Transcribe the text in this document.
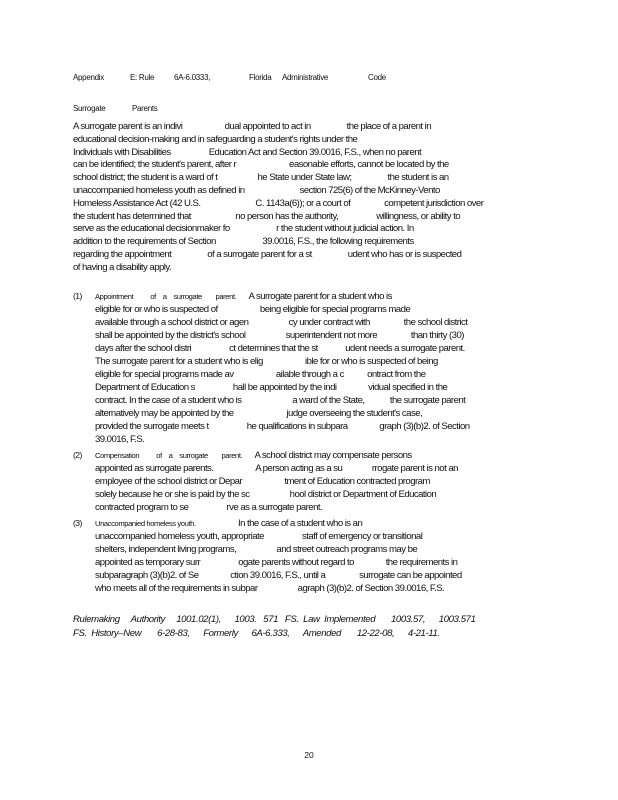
Appendix	E: Rule 6A-6.0333,	Florida Administrative	Code
Surrogate	Parents
A surrogate parent is an indivi                    dual appointed to act in                 the place of a parent in
educational decision-making and in safeguarding a student's rights under the
Individuals with Disabilities                  Education Act and Section 39.0016, F.S., when no parent
can be identified; the student's parent, after r                         easonable efforts, cannot be located by the
school district; the student is a ward of t                   he State under State law;                 the student is an
unaccompanied homeless youth as defined in                          section 725(6) of the McKinney-Vento
Homeless Assistance Act (42 U.S.                          C. 1143a(6)); or a court of                competent jurisdiction over
the student has determined that                     no person has the authority,                  willingness, or ability to
serve as the educational decisionmaker fo                      r the student without judicial action. In
addition to the requirements of Section                      39.0016, F.S., the following requirements
regarding the appointment                 of a surrogate parent for a st                 udent who has or is suspected
of having a disability apply.
(1) Appointment          of    a    surrogate        parent.      A surrogate parent for a student who is
eligible for or who is suspected of                    being eligible for special programs made
available through a school district or agen                   cy under contract with                the school district
shall be appointed by the district's school                   superintendent not more                than thirty (30)
days after the school distri                  ct determines that the st             udent needs a surrogate parent.
The surrogate parent for a student who is elig                    ible for or who is suspected of being
eligible for special programs made av                    ailable through a c           ontract from the
Department of Education s                  hall be appointed by the indi               vidual specified in the
contract. In the case of a student who is                        a ward of the State,            the surrogate parent
alternatively may be appointed by the                         judge overseeing the student's case,
provided the surrogate meets t                  he qualifications in subpara               graph (3)(b)2. of Section
39.0016, F.S.
(2) Compensation          of    a    surrogate        parent.      A school district may compensate persons
appointed as surrogate parents.                    A person acting as a su              rrogate parent is not an
employee of the school district or Depar                    tment of Education contracted program
solely because he or she is paid by the sc                   hool district or Department of Education
contracted program to se                  rve as a surrogate parent.
(3) Unaccompanied homeless youth.                    In the case of a student who is an
unaccompanied homeless youth, appropriate                  staff of emergency or transitional
shelters, independent living programs,                   and street outreach programs may be
appointed as temporary surr                  ogate parents without regard to               the requirements in
subparagraph (3)(b)2. of Se               ction 39.0016, F.S., until a                surrogate can be appointed
who meets all of the requirements in subpar                   agraph (3)(b)2. of Section 39.0016, F.S.
Rulemaking     Authority     1001.02(1),      1003.   571   FS.  Law  Implemented       1003.57,      1003.571
FS.  History–New       6-28-83,      Formerly      6A-6.333,      Amended       12-22-08,      4-21-11.
20
